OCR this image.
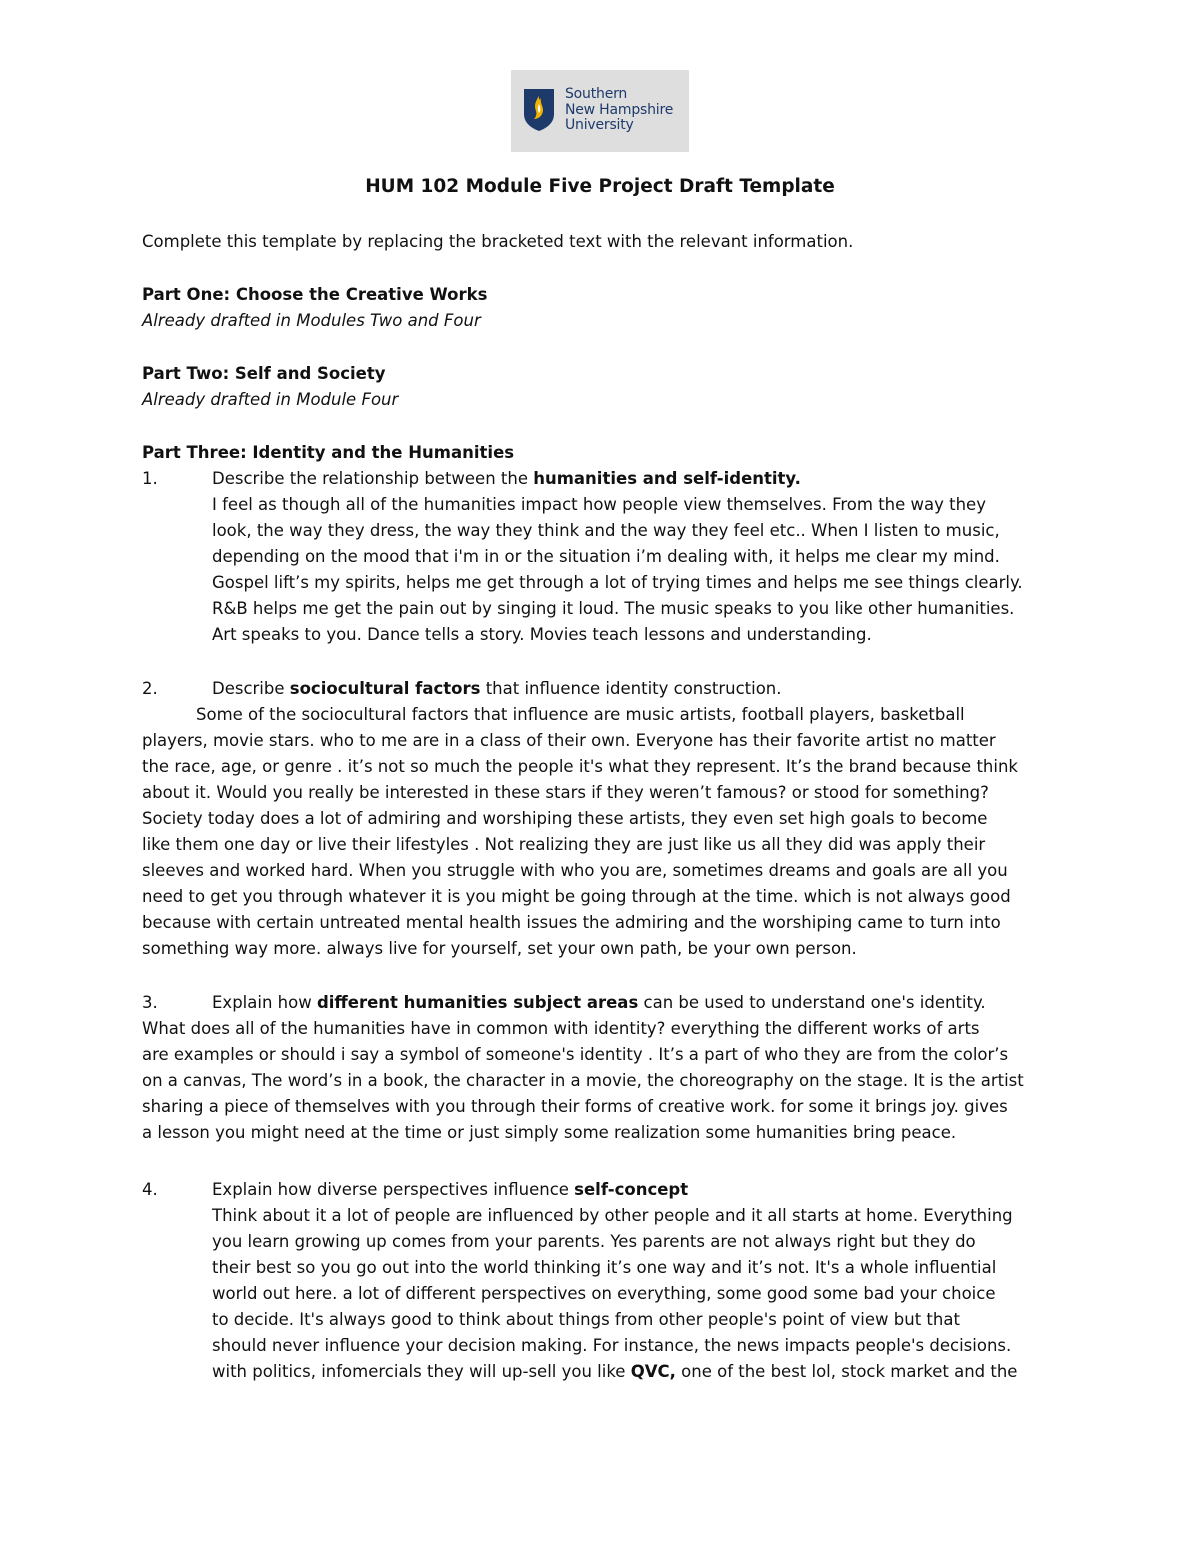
Southern
New Hampshire
University
HUM 102 Module Five Project Draft Template
Complete this template by replacing the bracketed text with the relevant information.
Part One: Choose the Creative Works
Already drafted in Modules Two and Four
Part Two: Self and Society
Already drafted in Module Four
Part Three: Identity and the Humanities
1.	Describe the relationship between the humanities and self-identity.
I feel as though all of the humanities impact how people view themselves. From the way they
look, the way they dress, the way they think and the way they feel etc.. When I listen to music,
depending on the mood that i'm in or the situation i’m dealing with, it helps me clear my mind.
Gospel lift’s my spirits, helps me get through a lot of trying times and helps me see things clearly.
R&B helps me get the pain out by singing it loud. The music speaks to you like other humanities.
Art speaks to you. Dance tells a story. Movies teach lessons and understanding.
2.	Describe sociocultural factors that influence identity construction.
Some of the sociocultural factors that influence are music artists, football players, basketball
players, movie stars. who to me are in a class of their own. Everyone has their favorite artist no matter
the race, age, or genre . it’s not so much the people it's what they represent. It’s the brand because think
about it. Would you really be interested in these stars if they weren’t famous? or stood for something?
Society today does a lot of admiring and worshiping these artists, they even set high goals to become
like them one day or live their lifestyles . Not realizing they are just like us all they did was apply their
sleeves and worked hard. When you struggle with who you are, sometimes dreams and goals are all you
need to get you through whatever it is you might be going through at the time. which is not always good
because with certain untreated mental health issues the admiring and the worshiping came to turn into
something way more. always live for yourself, set your own path, be your own person.
3.	Explain how different humanities subject areas can be used to understand one's identity.
What does all of the humanities have in common with identity? everything the different works of arts
are examples or should i say a symbol of someone's identity . It’s a part of who they are from the color’s
on a canvas, The word’s in a book, the character in a movie, the choreography on the stage. It is the artist
sharing a piece of themselves with you through their forms of creative work. for some it brings joy. gives
a lesson you might need at the time or just simply some realization some humanities bring peace.
4.	Explain how diverse perspectives influence self-concept
Think about it a lot of people are influenced by other people and it all starts at home. Everything
you learn growing up comes from your parents. Yes parents are not always right but they do
their best so you go out into the world thinking it’s one way and it’s not. It's a whole influential
world out here. a lot of different perspectives on everything, some good some bad your choice
to decide. It's always good to think about things from other people's point of view but that
should never influence your decision making. For instance, the news impacts people's decisions.
with politics, infomercials they will up-sell you like QVC, one of the best lol, stock market and the
